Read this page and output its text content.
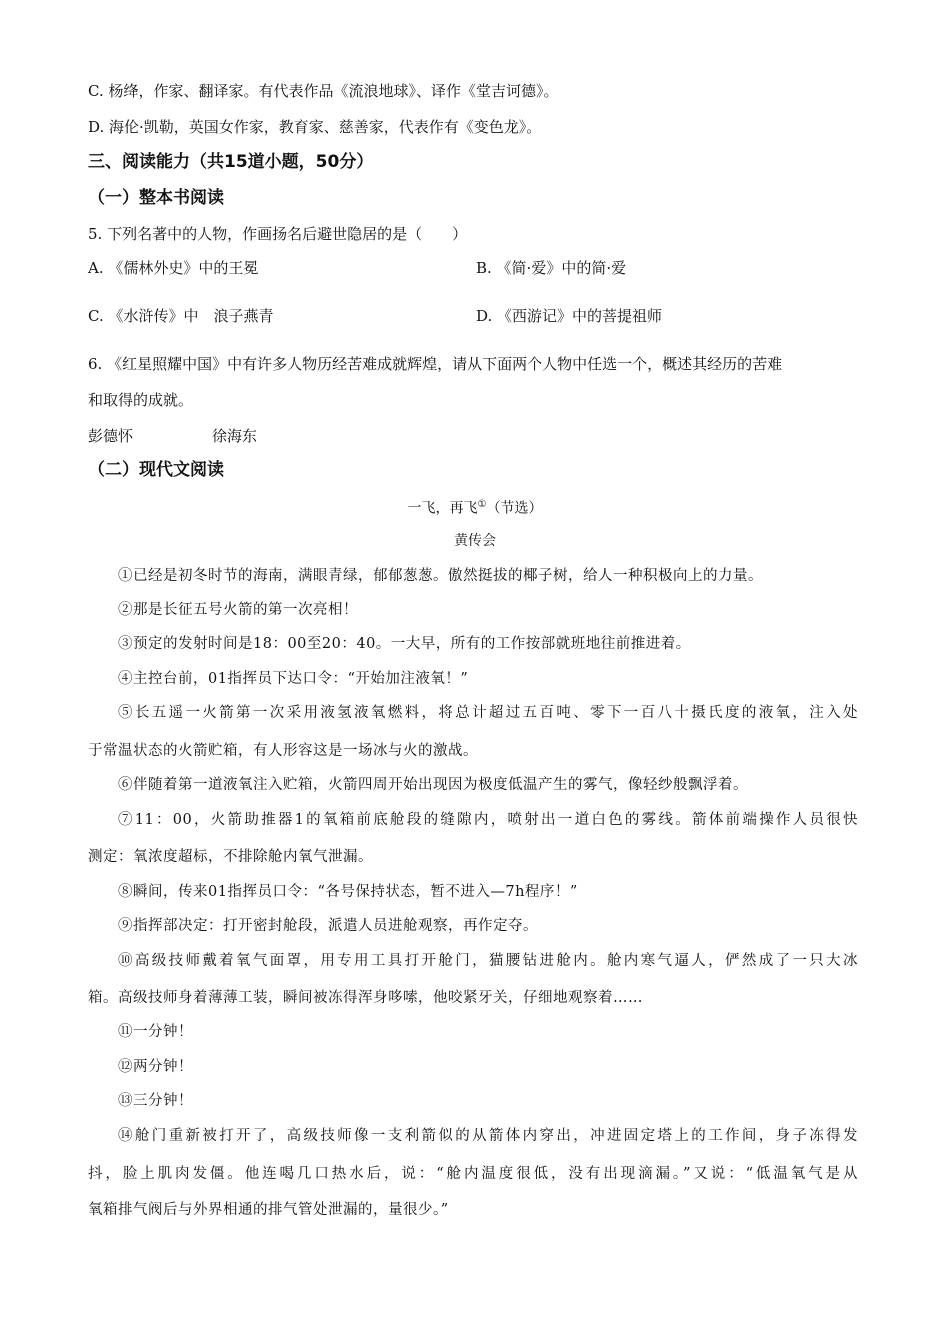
C. 杨绛，作家、翻译家。有代表作品《流浪地球》、译作《堂吉诃德》。
D. 海伦·凯勒，英国女作家，教育家、慈善家，代表作有《变色龙》。
三、阅读能力（共15道小题，50分）
（一）整本书阅读
5. 下列名著中的人物，作画扬名后避世隐居的是（　　）
A. 《儒林外史》中的王冕	B. 《简·爱》中的简·爱
C. 《水浒传》中　浪子燕青	D. 《西游记》中的菩提祖师
6. 《红星照耀中国》中有许多人物历经苦难成就辉煌，请从下面两个人物中任选一个，概述其经历的苦难
和取得的成就。
彭德怀	徐海东
（二）现代文阅读
一飞，再飞①（节选）
黄传会
①已经是初冬时节的海南，满眼青绿，郁郁葱葱。傲然挺拔的椰子树，给人一种积极向上的力量。
②那是长征五号火箭的第一次亮相！
③预定的发射时间是18：00至20：40。一大早，所有的工作按部就班地往前推进着。
④主控台前，01指挥员下达口令：“开始加注液氧！”
⑤长五遥一火箭第一次采用液氢液氧燃料，将总计超过五百吨、零下一百八十摄氏度的液氧，注入处
于常温状态的火箭贮箱，有人形容这是一场冰与火的激战。
⑥伴随着第一道液氧注入贮箱，火箭四周开始出现因为极度低温产生的雾气，像轻纱般飘浮着。
⑦11：00，火箭助推器1的氧箱前底舱段的缝隙内，喷射出一道白色的雾线。箭体前端操作人员很快
测定：氧浓度超标，不排除舱内氧气泄漏。
⑧瞬间，传来01指挥员口令：“各号保持状态，暂不进入—7h程序！”
⑨指挥部决定：打开密封舱段，派遣人员进舱观察，再作定夺。
⑩高级技师戴着氧气面罩，用专用工具打开舱门，猫腰钻进舱内。舱内寒气逼人，俨然成了一只大冰
箱。高级技师身着薄薄工装，瞬间被冻得浑身哆嗦，他咬紧牙关，仔细地观察着……
⑪一分钟！
⑫两分钟！
⑬三分钟！
⑭舱门重新被打开了，高级技师像一支利箭似的从箭体内穿出，冲进固定塔上的工作间，身子冻得发
抖，脸上肌肉发僵。他连喝几口热水后，说：“舱内温度很低，没有出现滴漏。”又说：“低温氧气是从
氧箱排气阀后与外界相通的排气管处泄漏的，量很少。”
